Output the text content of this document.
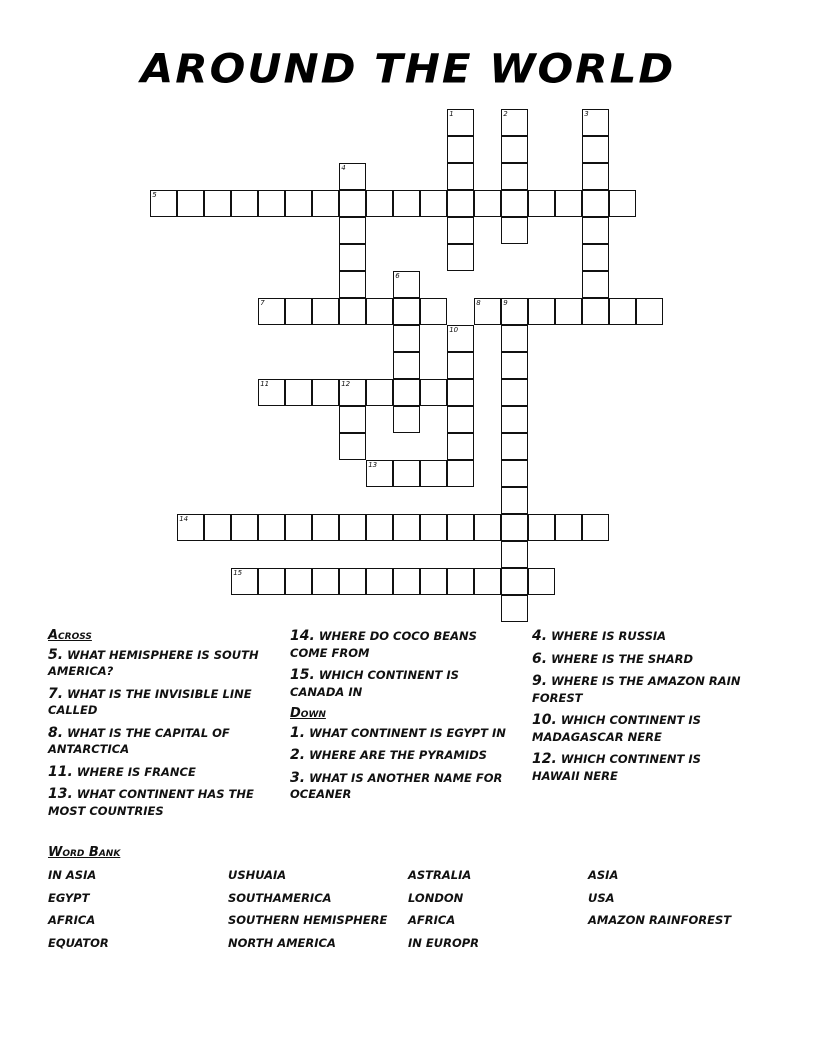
AROUND THE WORLD
1	2	3
4
5
6
7	8	9
10
11	12
13
14
15
Across
5. WHAT HEMISPHERE IS SOUTH AMERICA?
7. WHAT IS THE INVISIBLE LINE CALLED
8. WHAT IS THE CAPITAL OF ANTARCTICA
11. WHERE IS FRANCE
13. WHAT CONTINENT HAS THE MOST COUNTRIES
14. WHERE DO COCO BEANS COME FROM
15. WHICH CONTINENT IS CANADA IN
Down
1. WHAT CONTINENT IS EGYPT IN
2. WHERE ARE THE PYRAMIDS
3. WHAT IS ANOTHER NAME FOR OCEANER
4. WHERE IS RUSSIA
6. WHERE IS THE SHARD
9. WHERE IS THE AMAZON RAIN FOREST
10. WHICH CONTINENT IS MADAGASCAR NERE
12. WHICH CONTINENT IS HAWAII NERE
Word Bank
IN ASIA	USHUAIA	ASTRALIA	ASIA
EGYPT	SOUTHAMERICA	LONDON	USA
AFRICA	SOUTHERN HEMISPHERE	AFRICA	AMAZON RAINFOREST
EQUATOR	NORTH AMERICA	IN EUROPR
